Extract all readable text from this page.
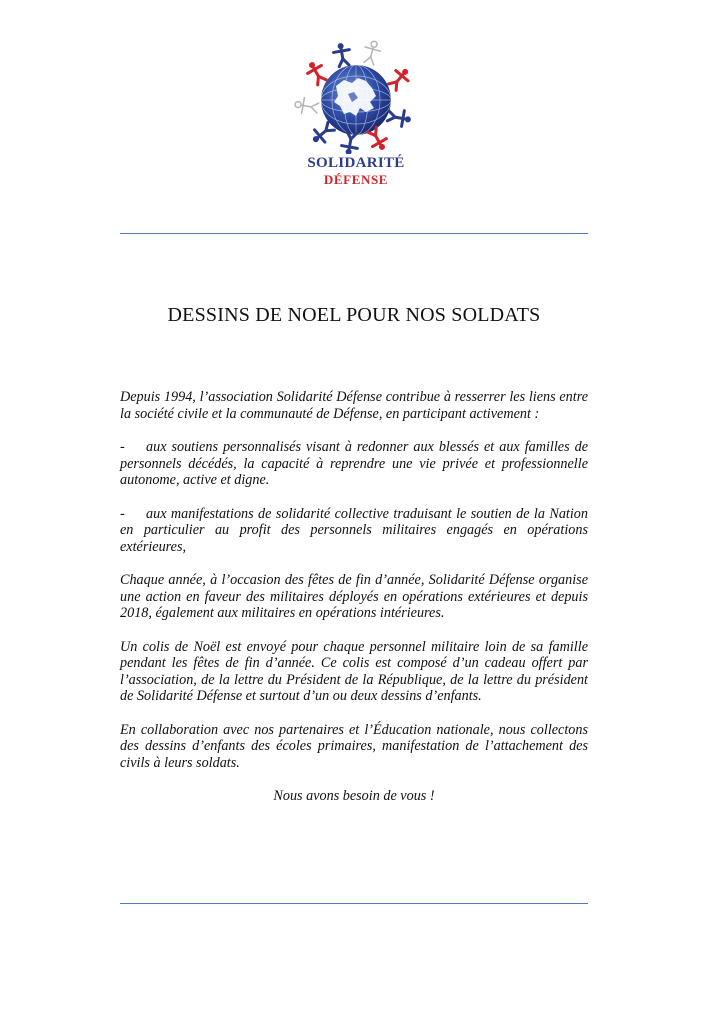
SOLIDARITÉ
DÉFENSE
DESSINS DE NOEL POUR NOS SOLDATS

Depuis 1994, l’association Solidarité Défense contribue à resserrer les liens entre la société civile et la communauté de Défense, en participant activement :

- aux soutiens personnalisés visant à redonner aux blessés et aux familles de personnels décédés, la capacité à reprendre une vie privée et professionnelle autonome, active et digne.

- aux manifestations de solidarité collective traduisant le soutien de la Nation en particulier au profit des personnels militaires engagés en opérations extérieures,

Chaque année, à l’occasion des fêtes de fin d’année, Solidarité Défense organise une action en faveur des militaires déployés en opérations extérieures et depuis 2018, également aux militaires en opérations intérieures.

Un colis de Noël est envoyé pour chaque personnel militaire loin de sa famille pendant les fêtes de fin d’année. Ce colis est composé d’un cadeau offert par l’association, de la lettre du Président de la République, de la lettre du président de Solidarité Défense et surtout d’un ou deux dessins d’enfants.

En collaboration avec nos partenaires et l’Éducation nationale, nous collectons des dessins d’enfants des écoles primaires, manifestation de l’attachement des civils à leurs soldats.

Nous avons besoin de vous !
